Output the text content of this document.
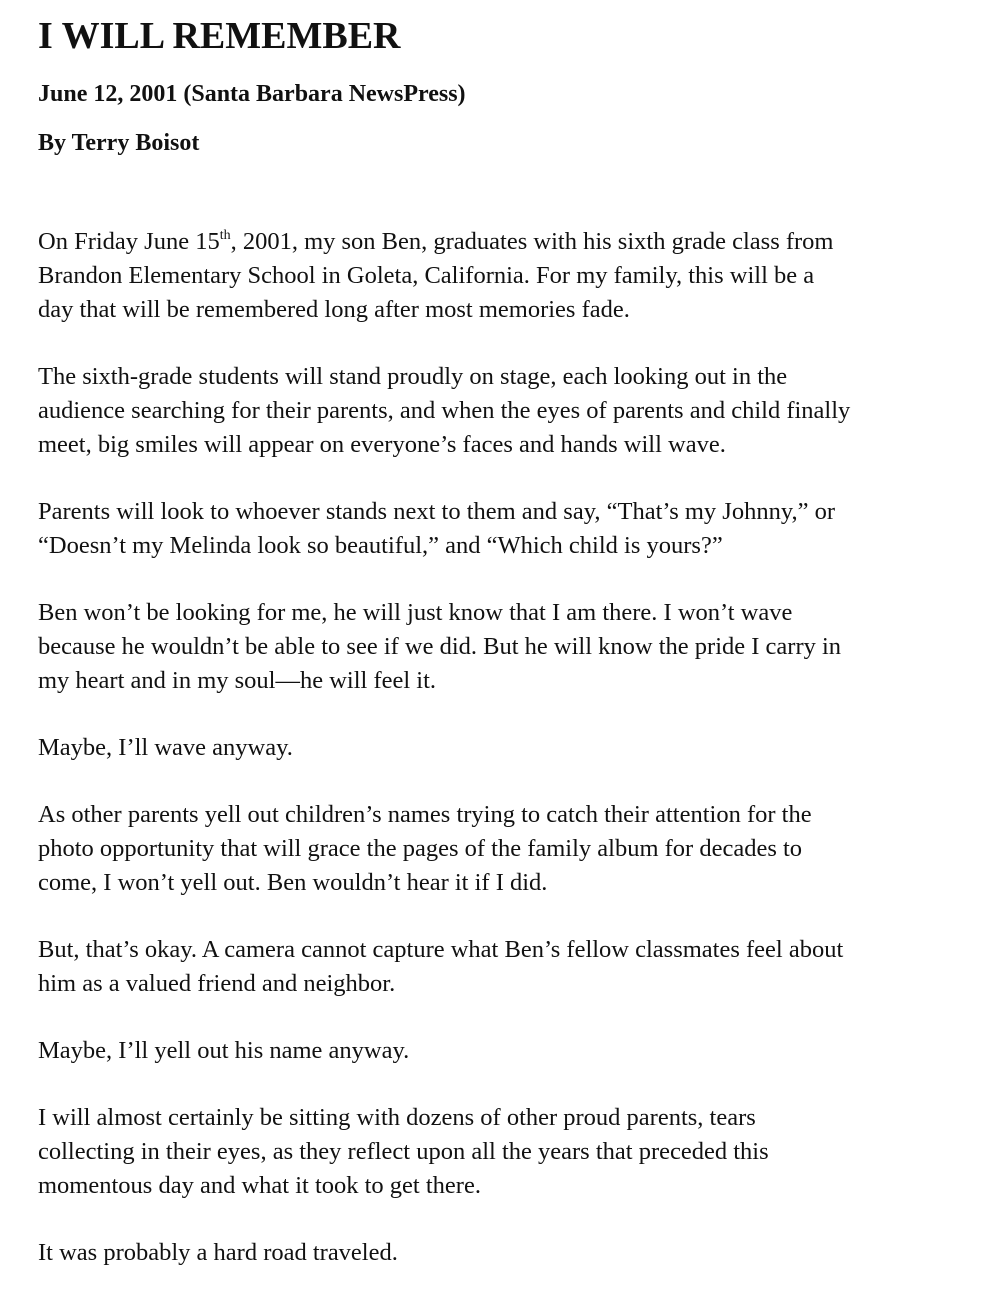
I WILL REMEMBER

June 12, 2001 (Santa Barbara NewsPress)

By Terry Boisot

On Friday June 15th, 2001, my son Ben, graduates with his sixth grade class from
Brandon Elementary School in Goleta, California. For my family, this will be a
day that will be remembered long after most memories fade.

The sixth-grade students will stand proudly on stage, each looking out in the
audience searching for their parents, and when the eyes of parents and child finally
meet, big smiles will appear on everyone’s faces and hands will wave.

Parents will look to whoever stands next to them and say, “That’s my Johnny,” or
“Doesn’t my Melinda look so beautiful,” and “Which child is yours?”

Ben won’t be looking for me, he will just know that I am there. I won’t wave
because he wouldn’t be able to see if we did. But he will know the pride I carry in
my heart and in my soul—he will feel it.

Maybe, I’ll wave anyway.

As other parents yell out children’s names trying to catch their attention for the
photo opportunity that will grace the pages of the family album for decades to
come, I won’t yell out. Ben wouldn’t hear it if I did.

But, that’s okay. A camera cannot capture what Ben’s fellow classmates feel about
him as a valued friend and neighbor.

Maybe, I’ll yell out his name anyway.

I will almost certainly be sitting with dozens of other proud parents, tears
collecting in their eyes, as they reflect upon all the years that preceded this
momentous day and what it took to get there.

It was probably a hard road traveled.
